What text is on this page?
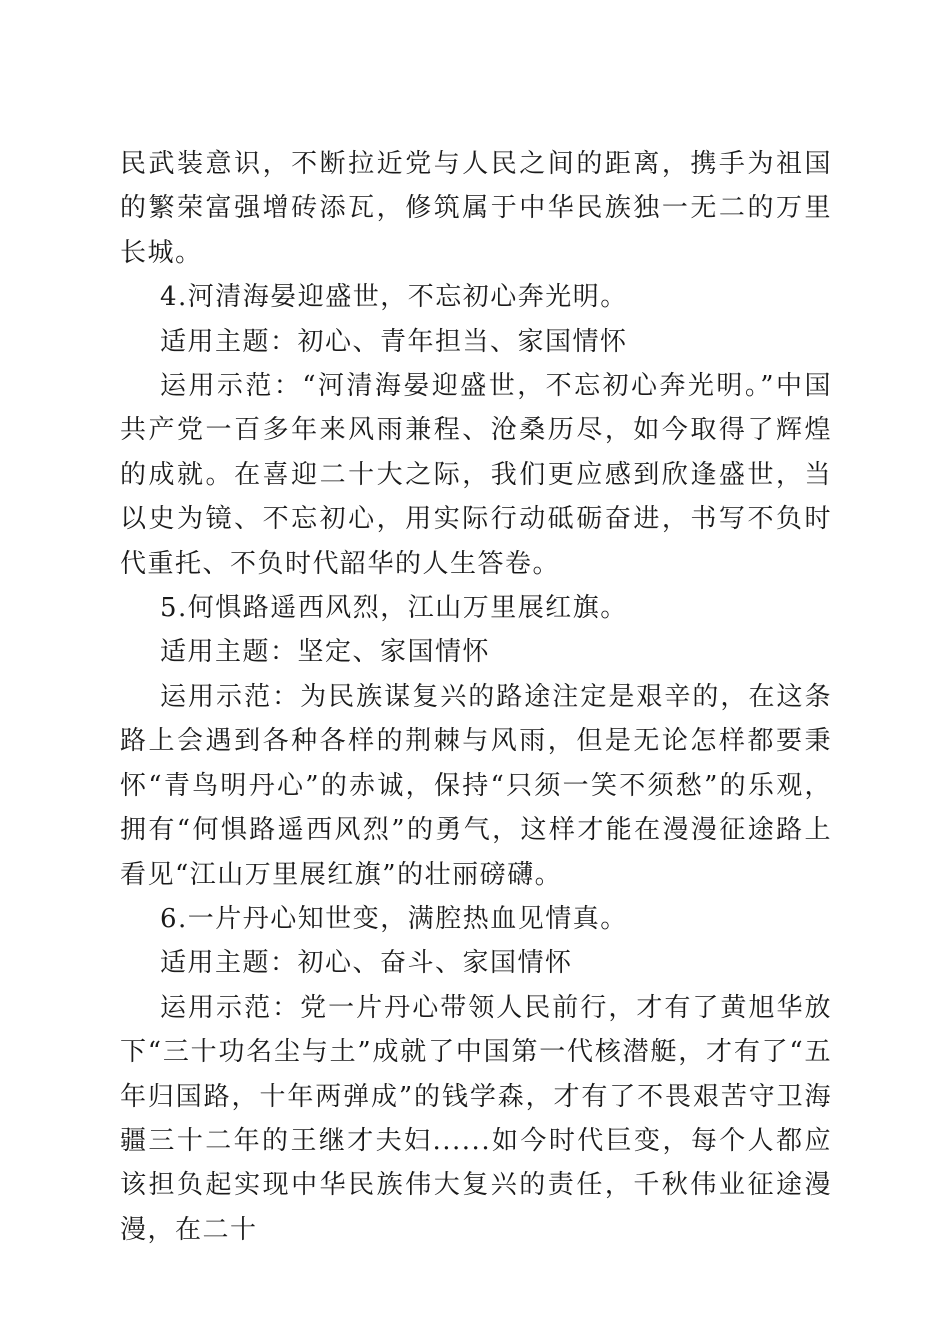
民武装意识，不断拉近党与人民之间的距离，携手为祖国的繁荣富强增砖添瓦，修筑属于中华民族独一无二的万里长城。

4.河清海晏迎盛世，不忘初心奔光明。

适用主题：初心、青年担当、家国情怀

运用示范：“河清海晏迎盛世，不忘初心奔光明。”中国共产党一百多年来风雨兼程、沧桑历尽，如今取得了辉煌的成就。在喜迎二十大之际，我们更应感到欣逢盛世，当以史为镜、不忘初心，用实际行动砥砺奋进，书写不负时代重托、不负时代韶华的人生答卷。

5.何惧路遥西风烈，江山万里展红旗。

适用主题：坚定、家国情怀

运用示范：为民族谋复兴的路途注定是艰辛的，在这条路上会遇到各种各样的荆棘与风雨，但是无论怎样都要秉怀“青鸟明丹心”的赤诚，保持“只须一笑不须愁”的乐观，拥有“何惧路遥西风烈”的勇气，这样才能在漫漫征途路上看见“江山万里展红旗”的壮丽磅礴。

6.一片丹心知世变，满腔热血见情真。

适用主题：初心、奋斗、家国情怀

运用示范：党一片丹心带领人民前行，才有了黄旭华放下“三十功名尘与土”成就了中国第一代核潜艇，才有了“五年归国路，十年两弹成”的钱学森，才有了不畏艰苦守卫海疆三十二年的王继才夫妇......如今时代巨变，每个人都应该担负起实现中华民族伟大复兴的责任，千秋伟业征途漫漫，在二十
